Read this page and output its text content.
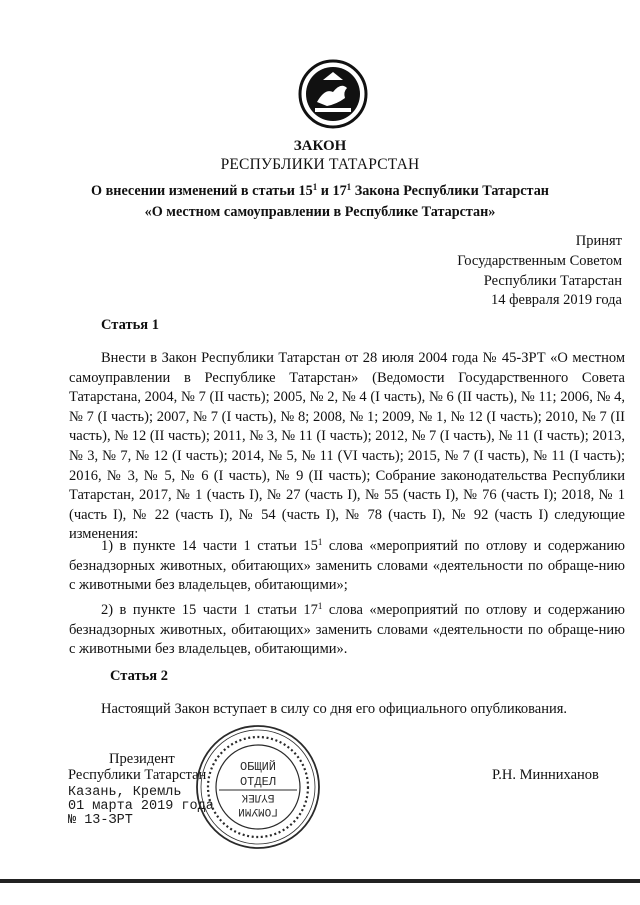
ЗАКОН
РЕСПУБЛИКИ ТАТАРСТАН
О внесении изменений в статьи $15^1$ и $17^1$ Закона Республики Татарстан
«О местном самоуправлении в Республике Татарстан»
Принят
Государственным Советом
Республики Татарстан
14 февраля 2019 года
Статья 1
Внести в Закон Республики Татарстан от 28 июля 2004 года № 45-ЗРТ «О местном самоуправлении в Республике Татарстан» (Ведомости Государственного Совета Татарстана, 2004, № 7 (II часть); 2005, № 2, № 4 (I часть), № 6 (II часть), № 11; 2006, № 4, № 7 (I часть); 2007, № 7 (I часть), № 8; 2008, № 1; 2009, № 1, № 12 (I часть); 2010, № 7 (II часть), № 12 (II часть); 2011, № 3, № 11 (I часть); 2012, № 7 (I часть), № 11 (I часть); 2013, № 3, № 7, № 12 (I часть); 2014, № 5, № 11 (VI часть); 2015, № 7 (I часть), № 11 (I часть); 2016, № 3, № 5, № 6 (I часть), № 9 (II часть); Собрание законодательства Республики Татарстан, 2017, № 1 (часть I), № 27 (часть I), № 55 (часть I), № 76 (часть I); 2018, № 1 (часть I), № 22 (часть I), № 54 (часть I), № 78 (часть I), № 92 (часть I) следующие изменения:
1) в пункте 14 части 1 статьи $15^1$ слова «мероприятий по отлову и содержанию безнадзорных животных, обитающих» заменить словами «деятельности по обраще-нию с животными без владельцев, обитающими»;
2) в пункте 15 части 1 статьи $17^1$ слова «мероприятий по отлову и содержанию безнадзорных животных, обитающих» заменить словами «деятельности по обраще-нию с животными без владельцев, обитающими».
Статья 2
Настоящий Закон вступает в силу со дня его официального опубликования.
Президент
Республики Татарстан	Р.Н. Минниханов
Казань, Кремль
01 марта 2019 года
№ 13-ЗРТ
ОБЩИЙ
ОТДЕЛ
БҮЛЕК
ГОМУМИ
